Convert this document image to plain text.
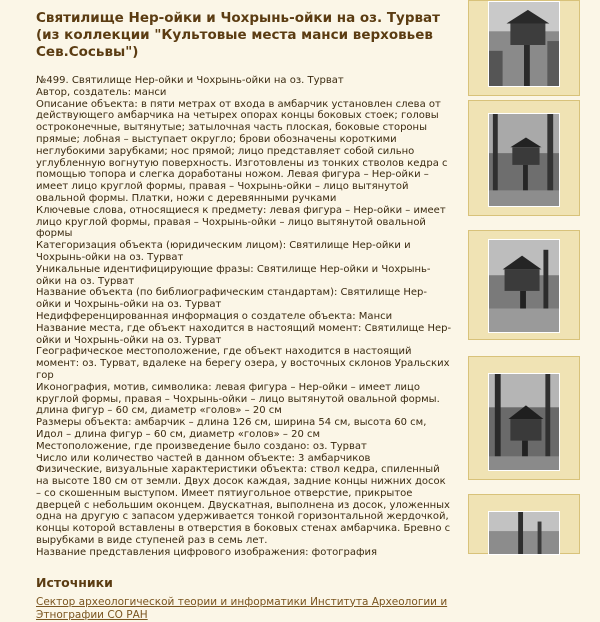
Святилище Нер-ойки и Чохрынь-ойки на оз. Турват (из коллекции "Культовые места манси верховьев Сев.Сосьвы")

№499. Святилище Нер-ойки и Чохрынь-ойки на оз. Турват

Автор, создатель: манси

Описание объекта: в пяти метрах от входа в амбарчик установлен слева от действующего амбарчика на четырех опорах концы боковых стоек; головы остроконечные, вытянутые; затылочная часть плоская, боковые стороны прямые; лобная – выступает округло; брови обозначены короткими неглубокими зарубками; нос прямой; лицо представляет собой сильно углубленную вогнутую поверхность. Изготовлены из тонких стволов кедра с помощью топора и слегка доработаны ножом. Левая фигура – Нер-ойки – имеет лицо круглой формы, правая – Чохрынь-ойки – лицо вытянутой овальной формы. Платки, ножи с деревянными ручками

Ключевые слова, относящиеся к предмету: левая фигура – Нер-ойки – имеет лицо круглой формы, правая – Чохрынь-ойки – лицо вытянутой овальной формы

Категоризация объекта (юридическим лицом): Святилище Нер-ойки и Чохрынь-ойки на оз. Турват

Уникальные идентифицирующие фразы: Святилище Нер-ойки и Чохрынь-ойки на оз. Турват

Название объекта (по библиографическим стандартам): Святилище Нер-ойки и Чохрынь-ойки на оз. Турват

Недифференцированная информация о создателе объекта: Манси

Название места, где объект находится в настоящий момент: Святилище Нер-ойки и Чохрынь-ойки на оз. Турват

Географическое местоположение, где объект находится в настоящий момент: оз. Турват, вдалеке на берегу озера, у восточных склонов Уральских гор

Иконография, мотив, символика: левая фигура – Нер-ойки – имеет лицо круглой формы, правая – Чохрынь-ойки – лицо вытянутой овальной формы. длина фигур – 60 см, диаметр «голов» – 20 см

Размеры объекта: амбарчик – длина 126 см, ширина 54 см, высота 60 см, Идол – длина фигур – 60 см, диаметр «голов» – 20 см

Местоположение, где произведение было создано: оз. Турват

Число или количество частей в данном объекте: 3 амбарчиков

Физические, визуальные характеристики объекта: ствол кедра, спиленный на высоте 180 см от земли. Двух досок каждая, задние концы нижних досок – со скошенным выступом. Имеет пятиугольное отверстие, прикрытое дверцей с небольшим оконцем. Двускатная, выполнена из досок, уложенных одна на другую с запасом удерживается тонкой горизонтальной жердочкой, концы которой вставлены в отверстия в боковых стенах амбарчика. Бревно с вырубками в виде ступеней раз в семь лет.

Название представления цифрового изображения: фотография

Источники
Сектор археологической теории и информатики Института Археологии и Этнографии СО РАН
